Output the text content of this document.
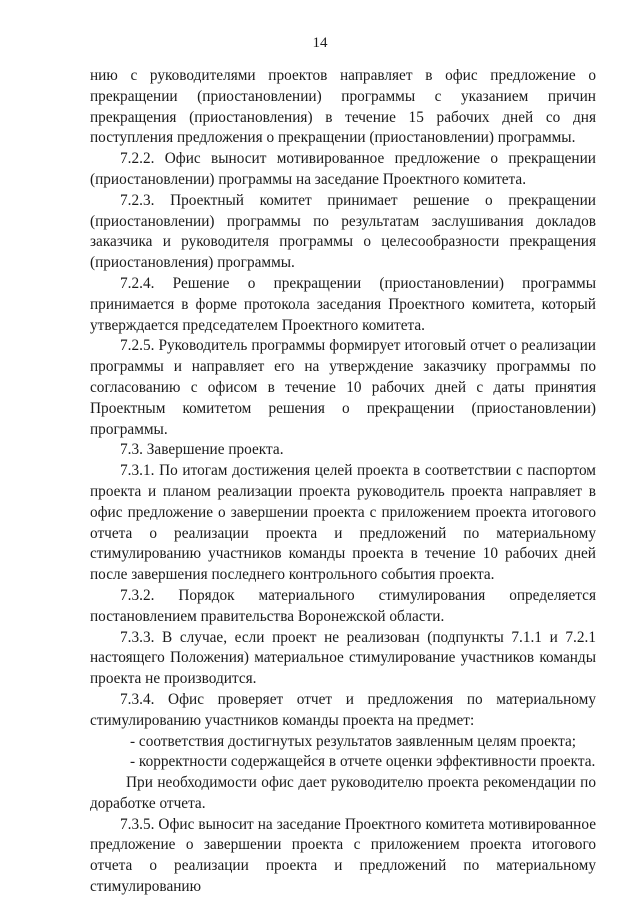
14

нию с руководителями проектов направляет в офис предложение о прекращении (приостановлении) программы с указанием причин прекращения (приостановления) в течение 15 рабочих дней со дня поступления предложения о прекращении (приостановлении) программы.

7.2.2. Офис выносит мотивированное предложение о прекращении (приостановлении) программы на заседание Проектного комитета.

7.2.3. Проектный комитет принимает решение о прекращении (приостановлении) программы по результатам заслушивания докладов заказчика и руководителя программы о целесообразности прекращения (приостановления) программы.

7.2.4. Решение о прекращении (приостановлении) программы принимается в форме протокола заседания Проектного комитета, который утверждается председателем Проектного комитета.

7.2.5. Руководитель программы формирует итоговый отчет о реализации программы и направляет его на утверждение заказчику программы по согласованию с офисом в течение 10 рабочих дней с даты принятия Проектным комитетом решения о прекращении (приостановлении) программы.

7.3. Завершение проекта.

7.3.1. По итогам достижения целей проекта в соответствии с паспортом проекта и планом реализации проекта руководитель проекта направляет в офис предложение о завершении проекта с приложением проекта итогового отчета о реализации проекта и предложений по материальному стимулированию участников команды проекта в течение 10 рабочих дней после завершения последнего контрольного события проекта.

7.3.2. Порядок материального стимулирования определяется постановлением правительства Воронежской области.

7.3.3. В случае, если проект не реализован (подпункты 7.1.1 и 7.2.1 настоящего Положения) материальное стимулирование участников команды проекта не производится.

7.3.4. Офис проверяет отчет и предложения по материальному стимулированию участников команды проекта на предмет:

- соответствия достигнутых результатов заявленным целям проекта;

- корректности содержащейся в отчете оценки эффективности проекта.

При необходимости офис дает руководителю проекта рекомендации по доработке отчета.

7.3.5. Офис выносит на заседание Проектного комитета мотивированное предложение о завершении проекта с приложением проекта итогового отчета о реализации проекта и предложений по материальному стимулированию
